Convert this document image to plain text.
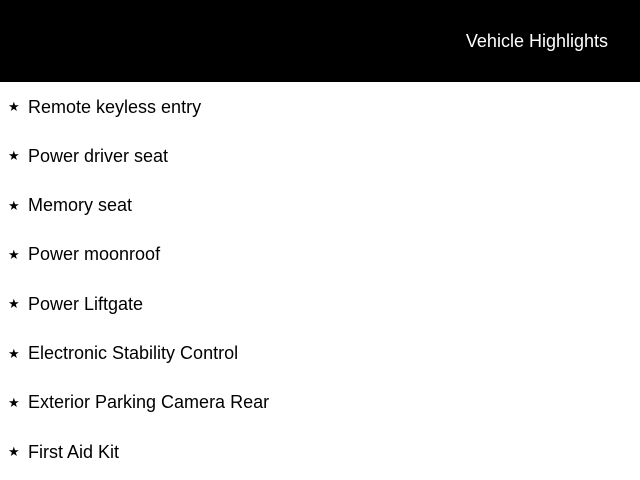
Vehicle Highlights
★ Remote keyless entry
★ Power driver seat
★ Memory seat
★ Power moonroof
★ Power Liftgate
★ Electronic Stability Control
★ Exterior Parking Camera Rear
★ First Aid Kit
